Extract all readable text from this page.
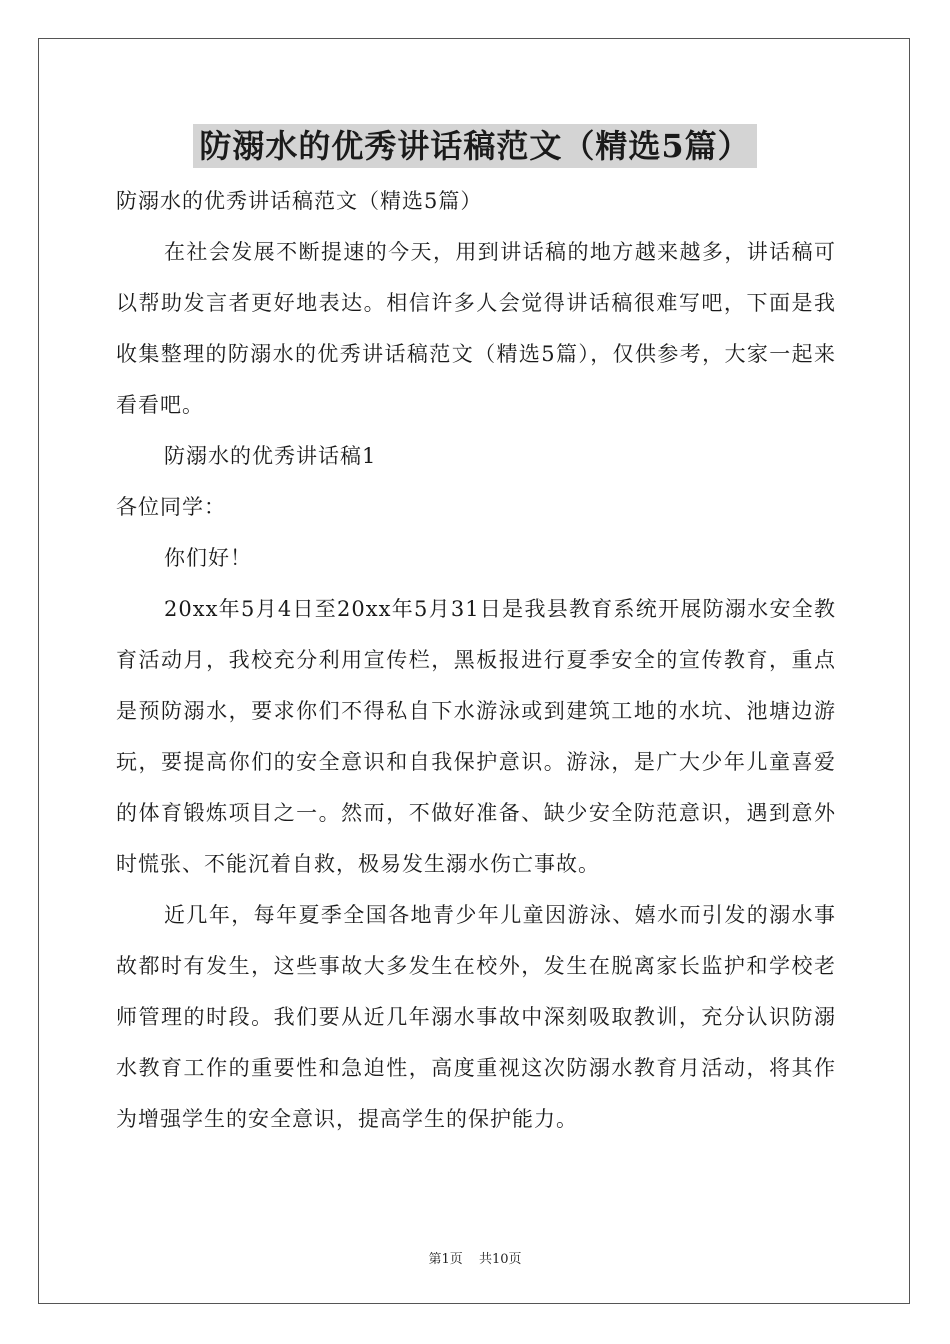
防溺水的优秀讲话稿范文（精选5篇）

防溺水的优秀讲话稿范文（精选5篇）

在社会发展不断提速的今天，用到讲话稿的地方越来越多，讲话稿可以帮助发言者更好地表达。相信许多人会觉得讲话稿很难写吧，下面是我收集整理的防溺水的优秀讲话稿范文（精选5篇），仅供参考，大家一起来看看吧。

防溺水的优秀讲话稿1

各位同学：

你们好！

20xx年5月4日至20xx年5月31日是我县教育系统开展防溺水安全教育活动月，我校充分利用宣传栏，黑板报进行夏季安全的宣传教育，重点是预防溺水，要求你们不得私自下水游泳或到建筑工地的水坑、池塘边游玩，要提高你们的安全意识和自我保护意识。游泳，是广大少年儿童喜爱的体育锻炼项目之一。然而，不做好准备、缺少安全防范意识，遇到意外时慌张、不能沉着自救，极易发生溺水伤亡事故。

近几年，每年夏季全国各地青少年儿童因游泳、嬉水而引发的溺水事故都时有发生，这些事故大多发生在校外，发生在脱离家长监护和学校老师管理的时段。我们要从近几年溺水事故中深刻吸取教训，充分认识防溺水教育工作的重要性和急迫性，高度重视这次防溺水教育月活动，将其作为增强学生的安全意识，提高学生的保护能力。

第1页 共10页
